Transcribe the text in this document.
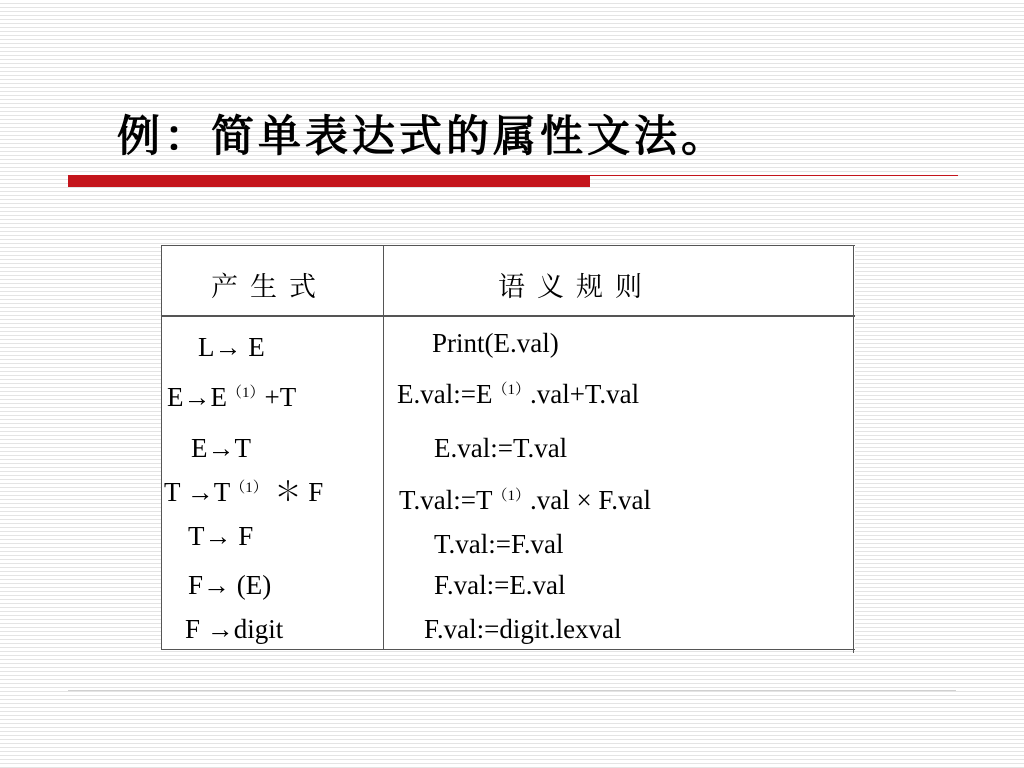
例：简单表达式的属性文法。
产生式	语义规则
L→ E	Print(E.val)
$E\to E^{(1)}+T$	$E.val:=E^{(1)}.val+T.val$
E→T	E.val:=T.val
$T \to T^{(1)}$ ＊ F	$T.val:=T^{(1)}.val \times F.val$
T→ F	T.val:=F.val
F→ (E)	F.val:=E.val
F →digit	F.val:=digit.lexval
